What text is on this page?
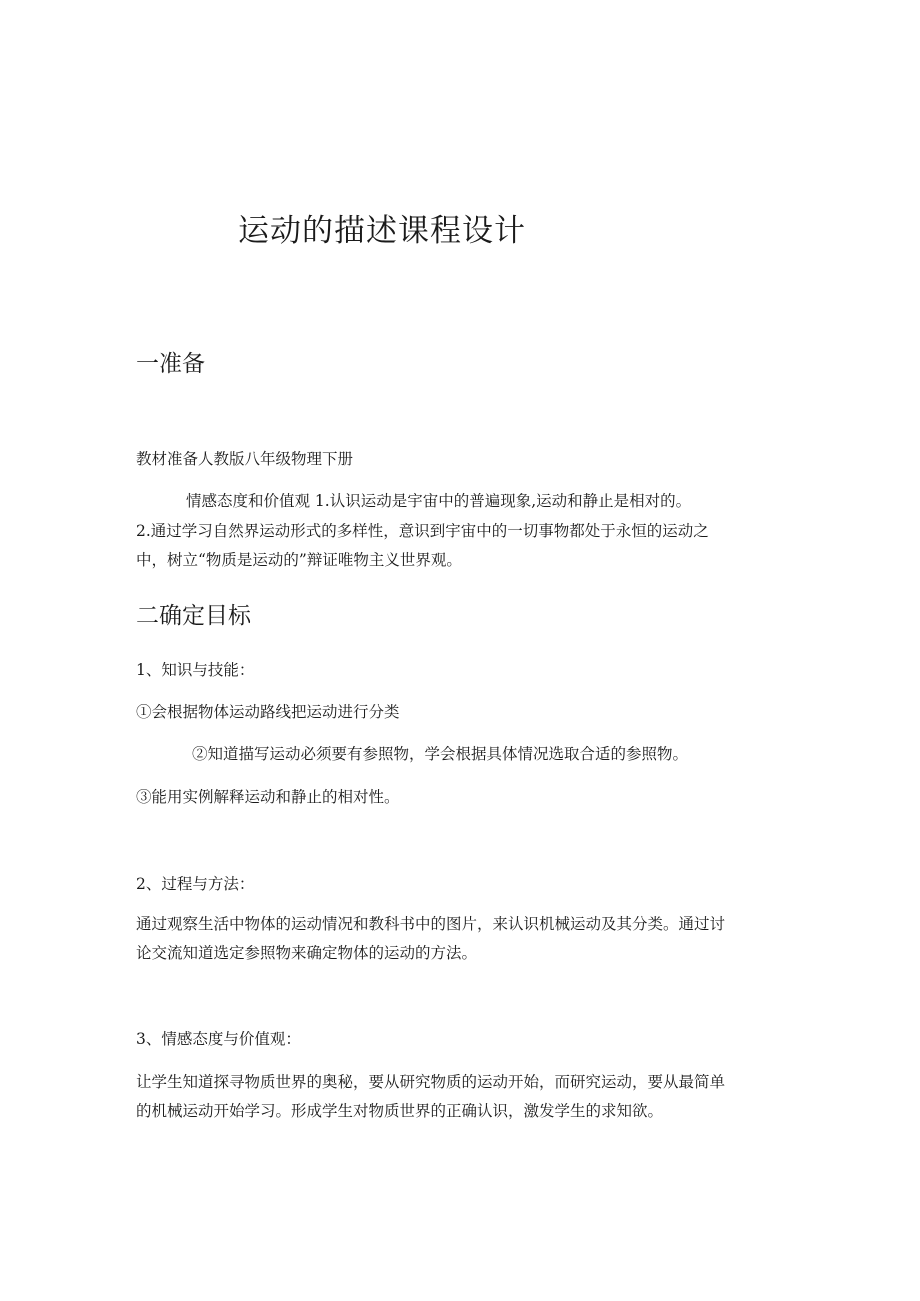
运动的描述课程设计
一准备
教材准备人教版八年级物理下册
情感态度和价值观 1.认识运动是宇宙中的普遍现象,运动和静止是相对的。
2.通过学习自然界运动形式的多样性，意识到宇宙中的一切事物都处于永恒的运动之
中，树立“物质是运动的”辩证唯物主义世界观。
二确定目标
1、知识与技能：
①会根据物体运动路线把运动进行分类
②知道描写运动必须要有参照物，学会根据具体情况选取合适的参照物。
③能用实例解释运动和静止的相对性。
2、过程与方法：
通过观察生活中物体的运动情况和教科书中的图片，来认识机械运动及其分类。通过讨
论交流知道选定参照物来确定物体的运动的方法。
3、情感态度与价值观：
让学生知道探寻物质世界的奥秘，要从研究物质的运动开始，而研究运动，要从最简单
的机械运动开始学习。形成学生对物质世界的正确认识，激发学生的求知欲。
